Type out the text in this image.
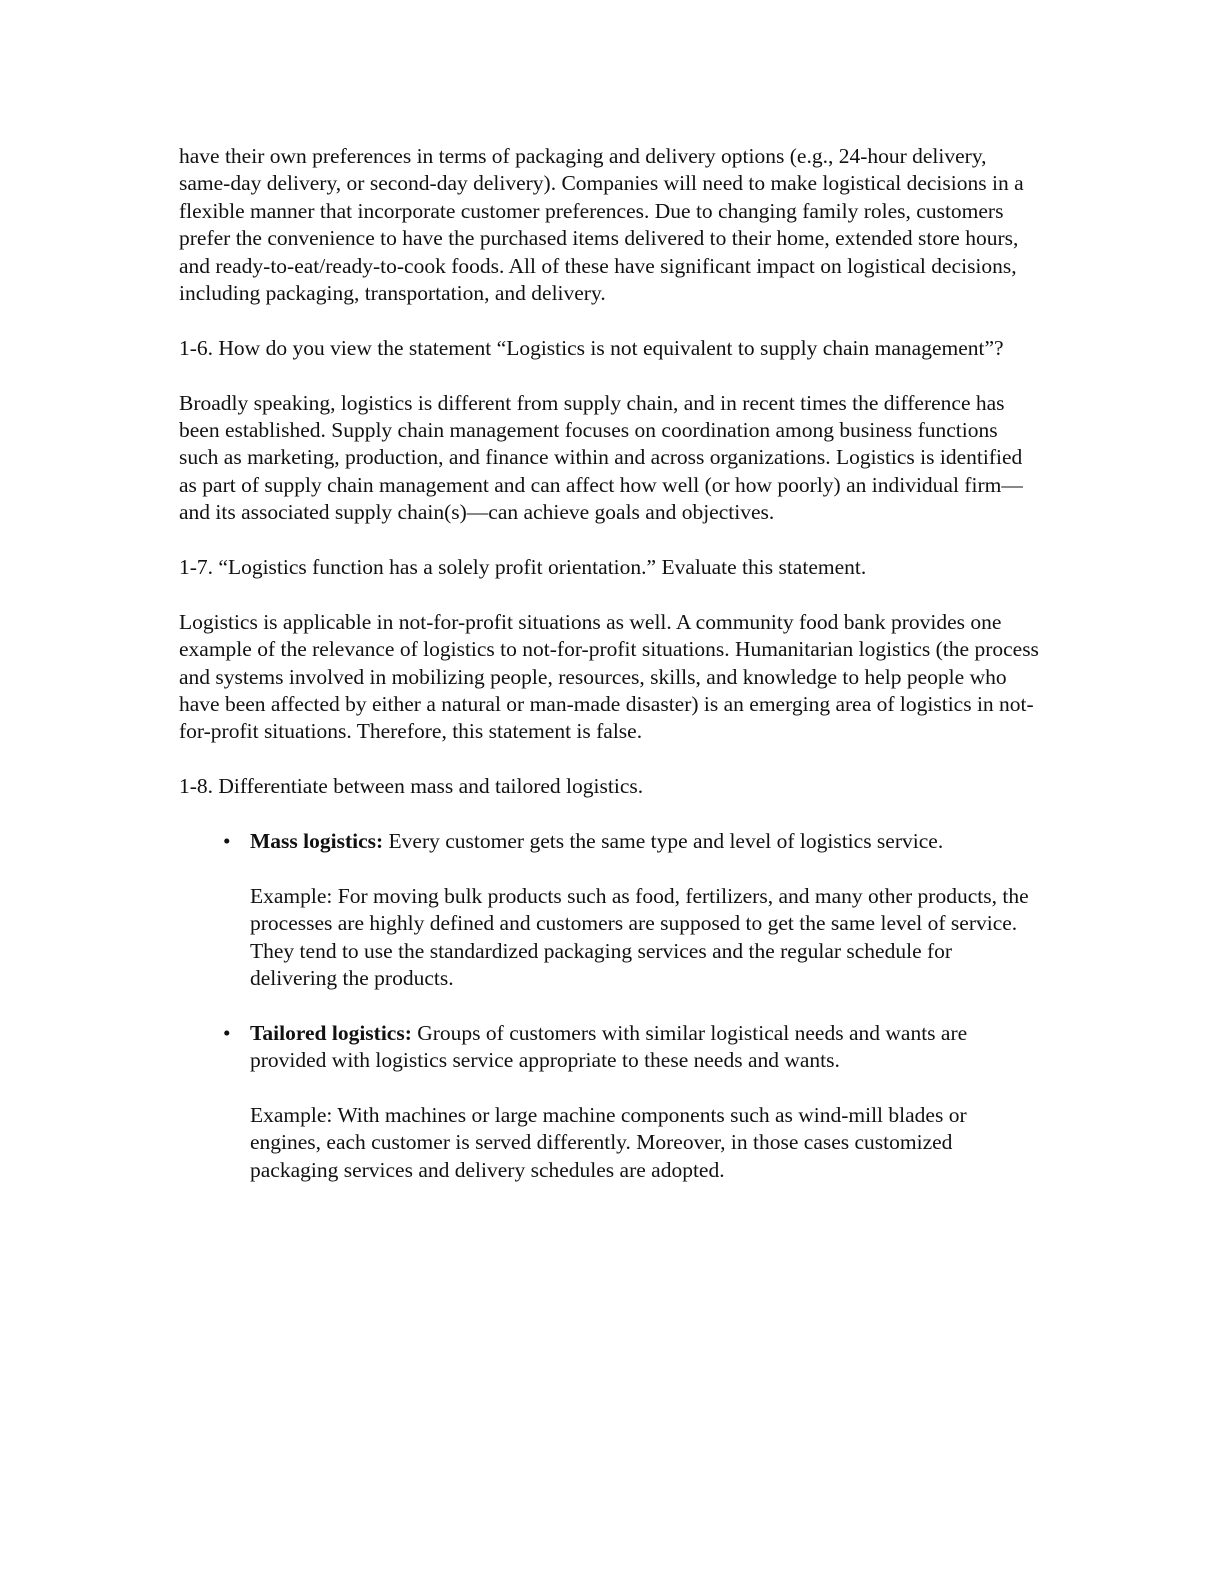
have their own preferences in terms of packaging and delivery options (e.g., 24-hour delivery, same-day delivery, or second-day delivery). Companies will need to make logistical decisions in a flexible manner that incorporate customer preferences. Due to changing family roles, customers prefer the convenience to have the purchased items delivered to their home, extended store hours, and ready-to-eat/ready-to-cook foods. All of these have significant impact on logistical decisions, including packaging, transportation, and delivery.

1-6. How do you view the statement “Logistics is not equivalent to supply chain management”?

Broadly speaking, logistics is different from supply chain, and in recent times the difference has been established. Supply chain management focuses on coordination among business functions such as marketing, production, and finance within and across organizations. Logistics is identified as part of supply chain management and can affect how well (or how poorly) an individual firm—and its associated supply chain(s)—can achieve goals and objectives.

1-7. “Logistics function has a solely profit orientation.” Evaluate this statement.

Logistics is applicable in not-for-profit situations as well. A community food bank provides one example of the relevance of logistics to not-for-profit situations. Humanitarian logistics (the process and systems involved in mobilizing people, resources, skills, and knowledge to help people who have been affected by either a natural or man-made disaster) is an emerging area of logistics in not-for-profit situations. Therefore, this statement is false.

1-8. Differentiate between mass and tailored logistics.

• Mass logistics: Every customer gets the same type and level of logistics service.

Example: For moving bulk products such as food, fertilizers, and many other products, the processes are highly defined and customers are supposed to get the same level of service. They tend to use the standardized packaging services and the regular schedule for delivering the products.

• Tailored logistics: Groups of customers with similar logistical needs and wants are provided with logistics service appropriate to these needs and wants.

Example: With machines or large machine components such as wind-mill blades or engines, each customer is served differently. Moreover, in those cases customized packaging services and delivery schedules are adopted.
